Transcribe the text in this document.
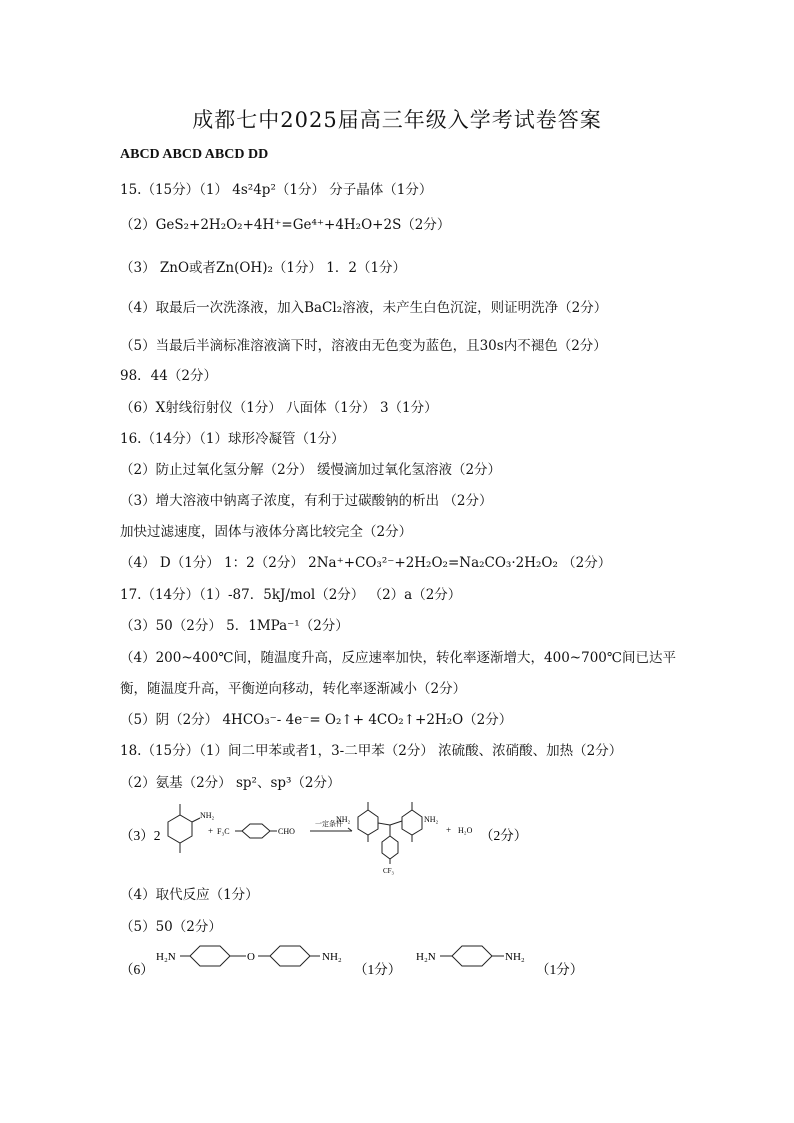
成都七中2025届高三年级入学考试卷答案
ABCD ABCD ABCD DD
15.（15分）（1） 4s²4p²（1分） 分子晶体（1分）
（2）GeS₂+2H₂O₂+4H⁺=Ge⁴⁺+4H₂O+2S（2分）
（3） ZnO或者Zn(OH)₂（1分） 1．2（1分）
（4）取最后一次洗涤液，加入BaCl₂溶液，未产生白色沉淀，则证明洗净（2分）
（5）当最后半滴标准溶液滴下时，溶液由无色变为蓝色，且30s内不褪色（2分）
98．44（2分）
（6）X射线衍射仪（1分） 八面体（1分） 3（1分）
16.（14分）（1）球形冷凝管（1分）
（2）防止过氧化氢分解（2分） 缓慢滴加过氧化氢溶液（2分）
（3）增大溶液中钠离子浓度，有利于过碳酸钠的析出 （2分）
加快过滤速度，固体与液体分离比较完全（2分）
（4） D（1分） 1：2（2分） 2Na⁺+CO₃²⁻+2H₂O₂=Na₂CO₃·2H₂O₂ （2分）
17.（14分）（1）-87．5kJ/mol（2分） （2）a（2分）
（3）50（2分） 5．1MPa⁻¹（2分）
（4）200~400℃间，随温度升高，反应速率加快，转化率逐渐增大，400~700℃间已达平
衡，随温度升高，平衡逆向移动，转化率逐渐减小（2分）
（5）阴（2分） 4HCO₃⁻- 4e⁻= O₂↑+ 4CO₂↑+2H₂O（2分）
18.（15分）（1）间二甲苯或者1，3-二甲苯（2分） 浓硫酸、浓硝酸、加热（2分）
（2）氨基（2分） sp²、sp³（2分）
（3）2
NH₂
+ F₃C	CHO
一定条件
NH₂	NH₂
CF₃
+ H₂O （2分）
（4）取代反应（1分）
（5）50（2分）
（6）
H₂N	O	NH₂
（1分）
H₂N	NH₂
（1分）
